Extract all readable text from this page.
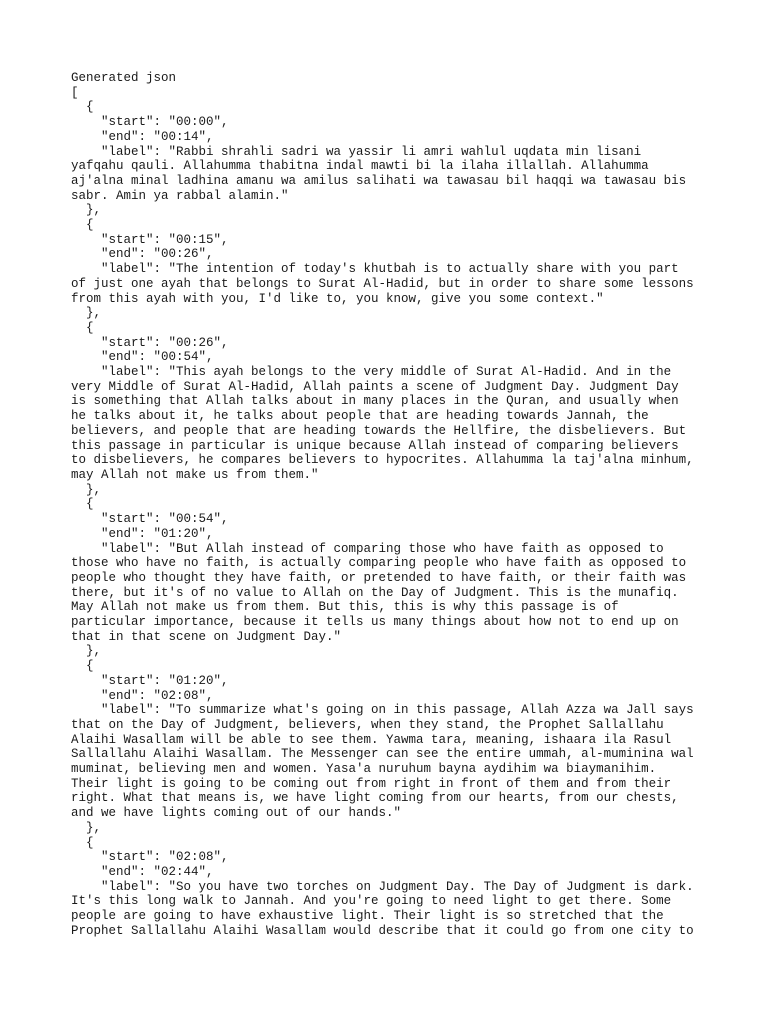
Generated json
[
{
"start": "00:00",
"end": "00:14",
"label": "Rabbi shrahli sadri wa yassir li amri wahlul uqdata min lisani
yafqahu qauli. Allahumma thabitna indal mawti bi la ilaha illallah. Allahumma
aj'alna minal ladhina amanu wa amilus salihati wa tawasau bil haqqi wa tawasau bis
sabr. Amin ya rabbal alamin."
},
{
"start": "00:15",
"end": "00:26",
"label": "The intention of today's khutbah is to actually share with you part
of just one ayah that belongs to Surat Al-Hadid, but in order to share some lessons
from this ayah with you, I'd like to, you know, give you some context."
},
{
"start": "00:26",
"end": "00:54",
"label": "This ayah belongs to the very middle of Surat Al-Hadid. And in the
very Middle of Surat Al-Hadid, Allah paints a scene of Judgment Day. Judgment Day
is something that Allah talks about in many places in the Quran, and usually when
he talks about it, he talks about people that are heading towards Jannah, the
believers, and people that are heading towards the Hellfire, the disbelievers. But
this passage in particular is unique because Allah instead of comparing believers
to disbelievers, he compares believers to hypocrites. Allahumma la taj'alna minhum,
may Allah not make us from them."
},
{
"start": "00:54",
"end": "01:20",
"label": "But Allah instead of comparing those who have faith as opposed to
those who have no faith, is actually comparing people who have faith as opposed to
people who thought they have faith, or pretended to have faith, or their faith was
there, but it's of no value to Allah on the Day of Judgment. This is the munafiq.
May Allah not make us from them. But this, this is why this passage is of
particular importance, because it tells us many things about how not to end up on
that in that scene on Judgment Day."
},
{
"start": "01:20",
"end": "02:08",
"label": "To summarize what's going on in this passage, Allah Azza wa Jall says
that on the Day of Judgment, believers, when they stand, the Prophet Sallallahu
Alaihi Wasallam will be able to see them. Yawma tara, meaning, ishaara ila Rasul
Sallallahu Alaihi Wasallam. The Messenger can see the entire ummah, al-muminina wal
muminat, believing men and women. Yasa'a nuruhum bayna aydihim wa biaymanihim.
Their light is going to be coming out from right in front of them and from their
right. What that means is, we have light coming from our hearts, from our chests,
and we have lights coming out of our hands."
},
{
"start": "02:08",
"end": "02:44",
"label": "So you have two torches on Judgment Day. The Day of Judgment is dark.
It's this long walk to Jannah. And you're going to need light to get there. Some
people are going to have exhaustive light. Their light is so stretched that the
Prophet Sallallahu Alaihi Wasallam would describe that it could go from one city to
